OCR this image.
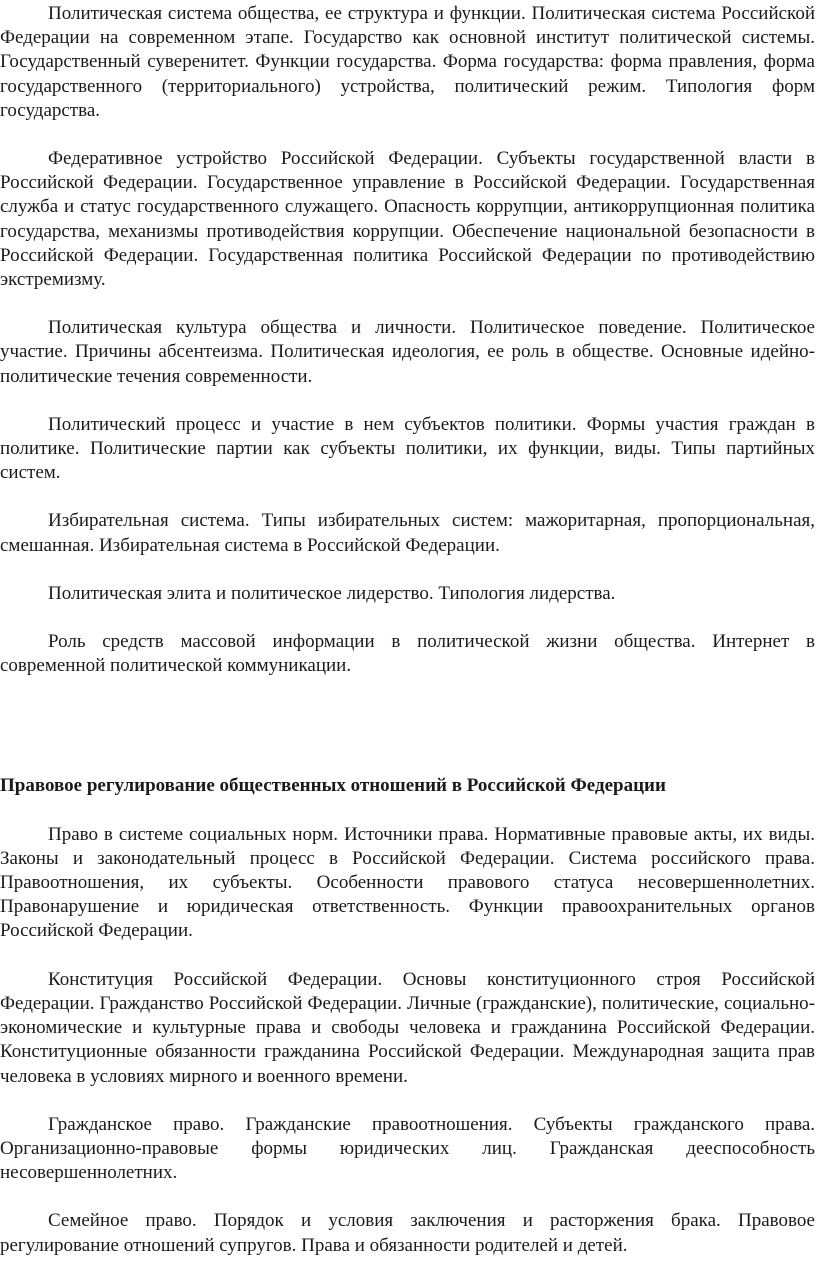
Политическая система общества, ее структура и функции. Политическая система Российской Федерации на современном этапе. Государство как основной институт политической системы. Государственный суверенитет. Функции государства. Форма государства: форма правления, форма государственного (территориального) устройства, политический режим. Типология форм государства.

Федеративное устройство Российской Федерации. Субъекты государственной власти в Российской Федерации. Государственное управление в Российской Федерации. Государственная служба и статус государственного служащего. Опасность коррупции, антикоррупционная политика государства, механизмы противодействия коррупции. Обеспечение национальной безопасности в Российской Федерации. Государственная политика Российской Федерации по противодействию экстремизму.

Политическая культура общества и личности. Политическое поведение. Политическое участие. Причины абсентеизма. Политическая идеология, ее роль в обществе. Основные идейно-политические течения современности.

Политический процесс и участие в нем субъектов политики. Формы участия граждан в политике. Политические партии как субъекты политики, их функции, виды. Типы партийных систем.

Избирательная система. Типы избирательных систем: мажоритарная, пропорциональная, смешанная. Избирательная система в Российской Федерации.

Политическая элита и политическое лидерство. Типология лидерства.

Роль средств массовой информации в политической жизни общества. Интернет в современной политической коммуникации.

Правовое регулирование общественных отношений в Российской Федерации

Право в системе социальных норм. Источники права. Нормативные правовые акты, их виды. Законы и законодательный процесс в Российской Федерации. Система российского права. Правоотношения, их субъекты. Особенности правового статуса несовершеннолетних. Правонарушение и юридическая ответственность. Функции правоохранительных органов Российской Федерации.

Конституция Российской Федерации. Основы конституционного строя Российской Федерации. Гражданство Российской Федерации. Личные (гражданские), политические, социально-экономические и культурные права и свободы человека и гражданина Российской Федерации. Конституционные обязанности гражданина Российской Федерации. Международная защита прав человека в условиях мирного и военного времени.

Гражданское право. Гражданские правоотношения. Субъекты гражданского права. Организационно-правовые формы юридических лиц. Гражданская дееспособность несовершеннолетних.

Семейное право. Порядок и условия заключения и расторжения брака. Правовое регулирование отношений супругов. Права и обязанности родителей и детей.
